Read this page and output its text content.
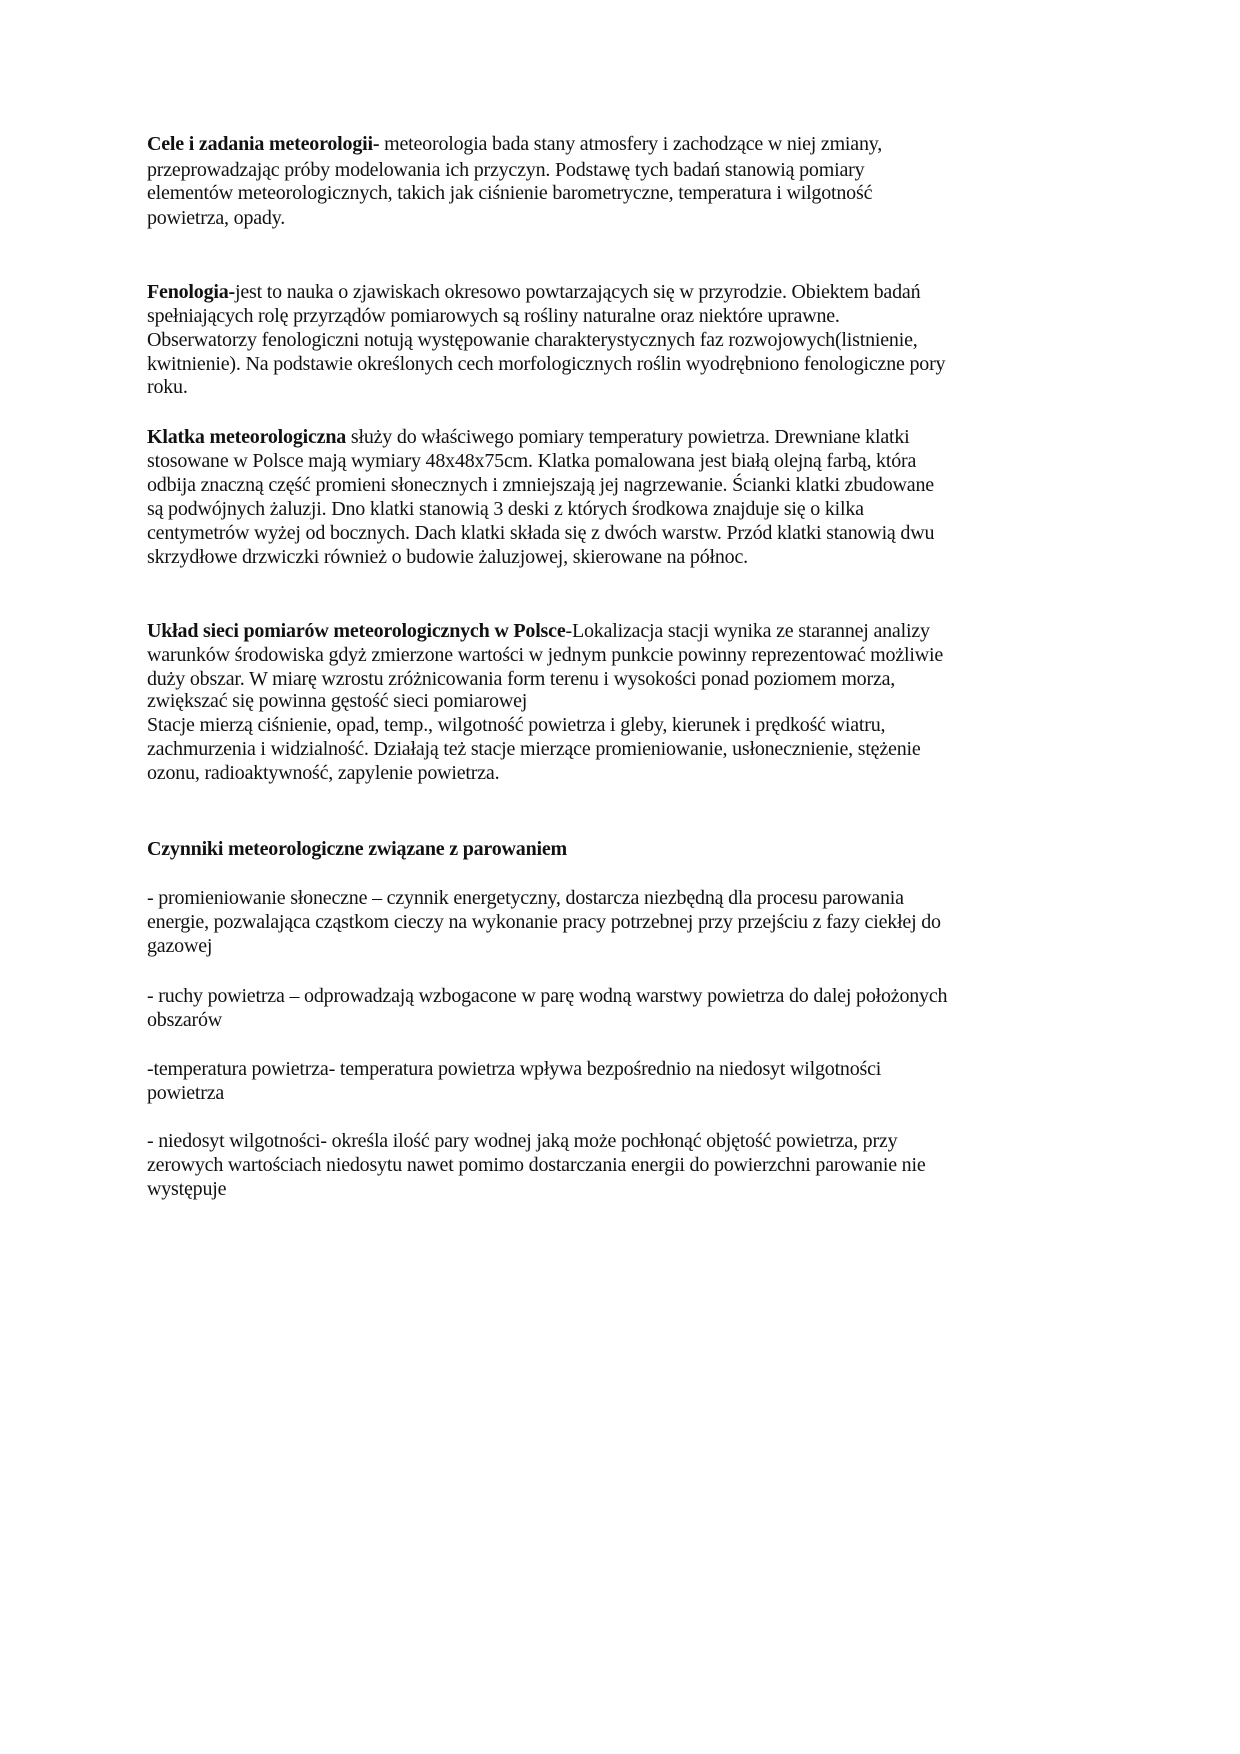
Cele i zadania meteorologii- meteorologia bada stany atmosfery i zachodzące w niej zmiany,
przeprowadzając próby modelowania ich przyczyn. Podstawę tych badań stanowią pomiary
elementów meteorologicznych, takich jak ciśnienie barometryczne, temperatura i wilgotność
powietrza, opady.
Fenologia-jest to nauka o zjawiskach okresowo powtarzających się w przyrodzie. Obiektem badań
spełniających rolę przyrządów pomiarowych są rośliny naturalne oraz niektóre uprawne.
Obserwatorzy fenologiczni notują występowanie charakterystycznych faz rozwojowych(listnienie,
kwitnienie). Na podstawie określonych cech morfologicznych roślin wyodrębniono fenologiczne pory
roku.
Klatka meteorologiczna służy do właściwego pomiary temperatury powietrza. Drewniane klatki
stosowane w Polsce mają wymiary 48x48x75cm. Klatka pomalowana jest białą olejną farbą, która
odbija znaczną część promieni słonecznych i zmniejszają jej nagrzewanie. Ścianki klatki zbudowane
są podwójnych żaluzji. Dno klatki stanowią 3 deski z których środkowa znajduje się o kilka
centymetrów wyżej od bocznych. Dach klatki składa się z dwóch warstw. Przód klatki stanowią dwu
skrzydłowe drzwiczki również o budowie żaluzjowej, skierowane na północ.
Układ sieci pomiarów meteorologicznych w Polsce-Lokalizacja stacji wynika ze starannej analizy
warunków środowiska gdyż zmierzone wartości w jednym punkcie powinny reprezentować możliwie
duży obszar. W miarę wzrostu zróżnicowania form terenu i wysokości ponad poziomem morza,
zwiększać się powinna gęstość sieci pomiarowej
Stacje mierzą ciśnienie, opad, temp., wilgotność powietrza i gleby, kierunek i prędkość wiatru,
zachmurzenia i widzialność. Działają też stacje mierzące promieniowanie, usłonecznienie, stężenie
ozonu, radioaktywność, zapylenie powietrza.
Czynniki meteorologiczne związane z parowaniem
- promieniowanie słoneczne – czynnik energetyczny, dostarcza niezbędną dla procesu parowania
energie, pozwalająca cząstkom cieczy na wykonanie pracy potrzebnej przy przejściu z fazy ciekłej do
gazowej
- ruchy powietrza – odprowadzają wzbogacone w parę wodną warstwy powietrza do dalej położonych
obszarów
-temperatura powietrza- temperatura powietrza wpływa bezpośrednio na niedosyt wilgotności
powietrza
- niedosyt wilgotności- określa ilość pary wodnej jaką może pochłonąć objętość powietrza, przy
zerowych wartościach niedosytu nawet pomimo dostarczania energii do powierzchni parowanie nie
występuje
